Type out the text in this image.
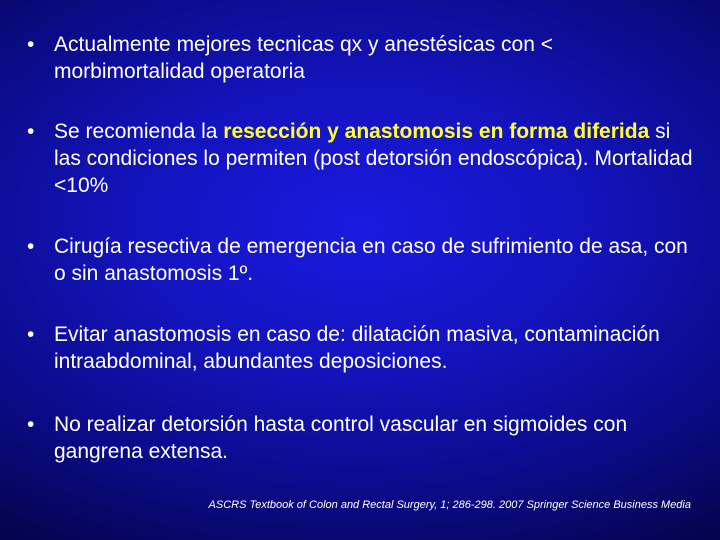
• Actualmente mejores tecnicas qx y anestésicas con < morbimortalidad operatoria
• Se recomienda la resección y anastomosis en forma diferida si las condiciones lo permiten (post detorsión endoscópica). Mortalidad <10%
• Cirugía resectiva de emergencia en caso de sufrimiento de asa, con o sin anastomosis 1º.
• Evitar anastomosis en caso de: dilatación masiva, contaminación intraabdominal, abundantes deposiciones.
• No realizar detorsión hasta control vascular en sigmoides con gangrena extensa.
ASCRS Textbook of Colon and Rectal Surgery, 1; 286-298. 2007 Springer Science Business Media
